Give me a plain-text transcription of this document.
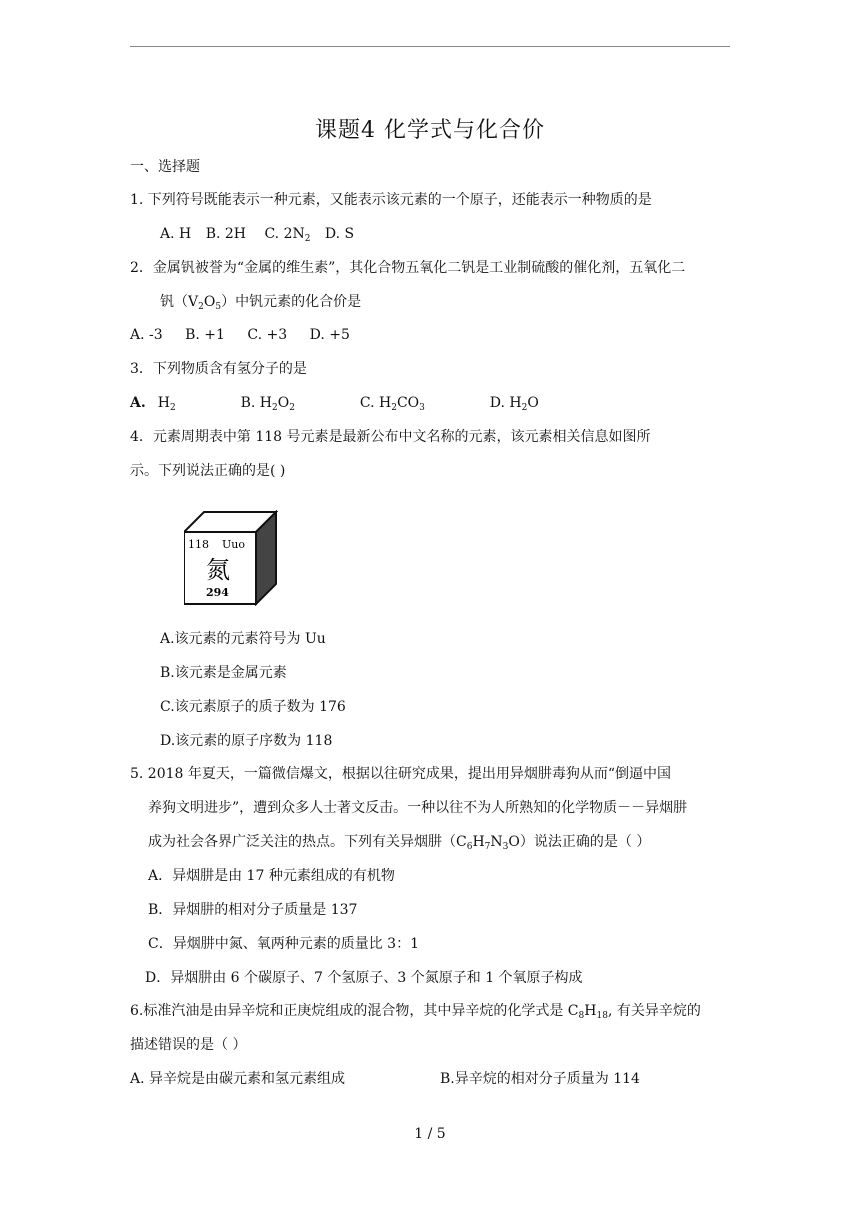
课题4 化学式与化合价
一、选择题
1. 下列符号既能表示一种元素，又能表示该元素的一个原子，还能表示一种物质的是
A. H B. 2H C. $2N_2$ D. S
2．金属钒被誉为“金属的维生素”，其化合物五氧化二钒是工业制硫酸的催化剂，五氧化二
钒$(V_2O_5)$中钒元素的化合价是
A. -3 B. +1 C. +3 D. +5
3．下列物质含有氢分子的是
A. $H_2$	B. $H_2O_2$	C. $H_2CO_3$	D. $H_2O$
4．元素周期表中第 118 号元素是最新公布中文名称的元素，该元素相关信息如图所
示。下列说法正确的是( )
118 Uuo
氮
294
A.该元素的元素符号为 Uu
B.该元素是金属元素
C.该元素原子的质子数为 176
D.该元素的原子序数为 118
5. 2018 年夏天，一篇微信爆文，根据以往研究成果，提出用异烟肼毒狗从而“倒逼中国
养狗文明进步”，遭到众多人士著文反击。一种以往不为人所熟知的化学物质－－异烟肼
成为社会各界广泛关注的热点。下列有关异烟肼$(C_6H_7N_3O)$说法正确的是（ ）
A．异烟肼是由 17 种元素组成的有机物
B．异烟肼的相对分子质量是 137
C．异烟肼中氮、氧两种元素的质量比 3：1
D．异烟肼由 6 个碳原子、7 个氢原子、3 个氮原子和 1 个氧原子构成
6.标准汽油是由异辛烷和正庚烷组成的混合物，其中异辛烷的化学式是 $C_8H_{18}$, 有关异辛烷的
描述错误的是（ ）
A. 异辛烷是由碳元素和氢元素组成	B.异辛烷的相对分子质量为 114
1 / 5
